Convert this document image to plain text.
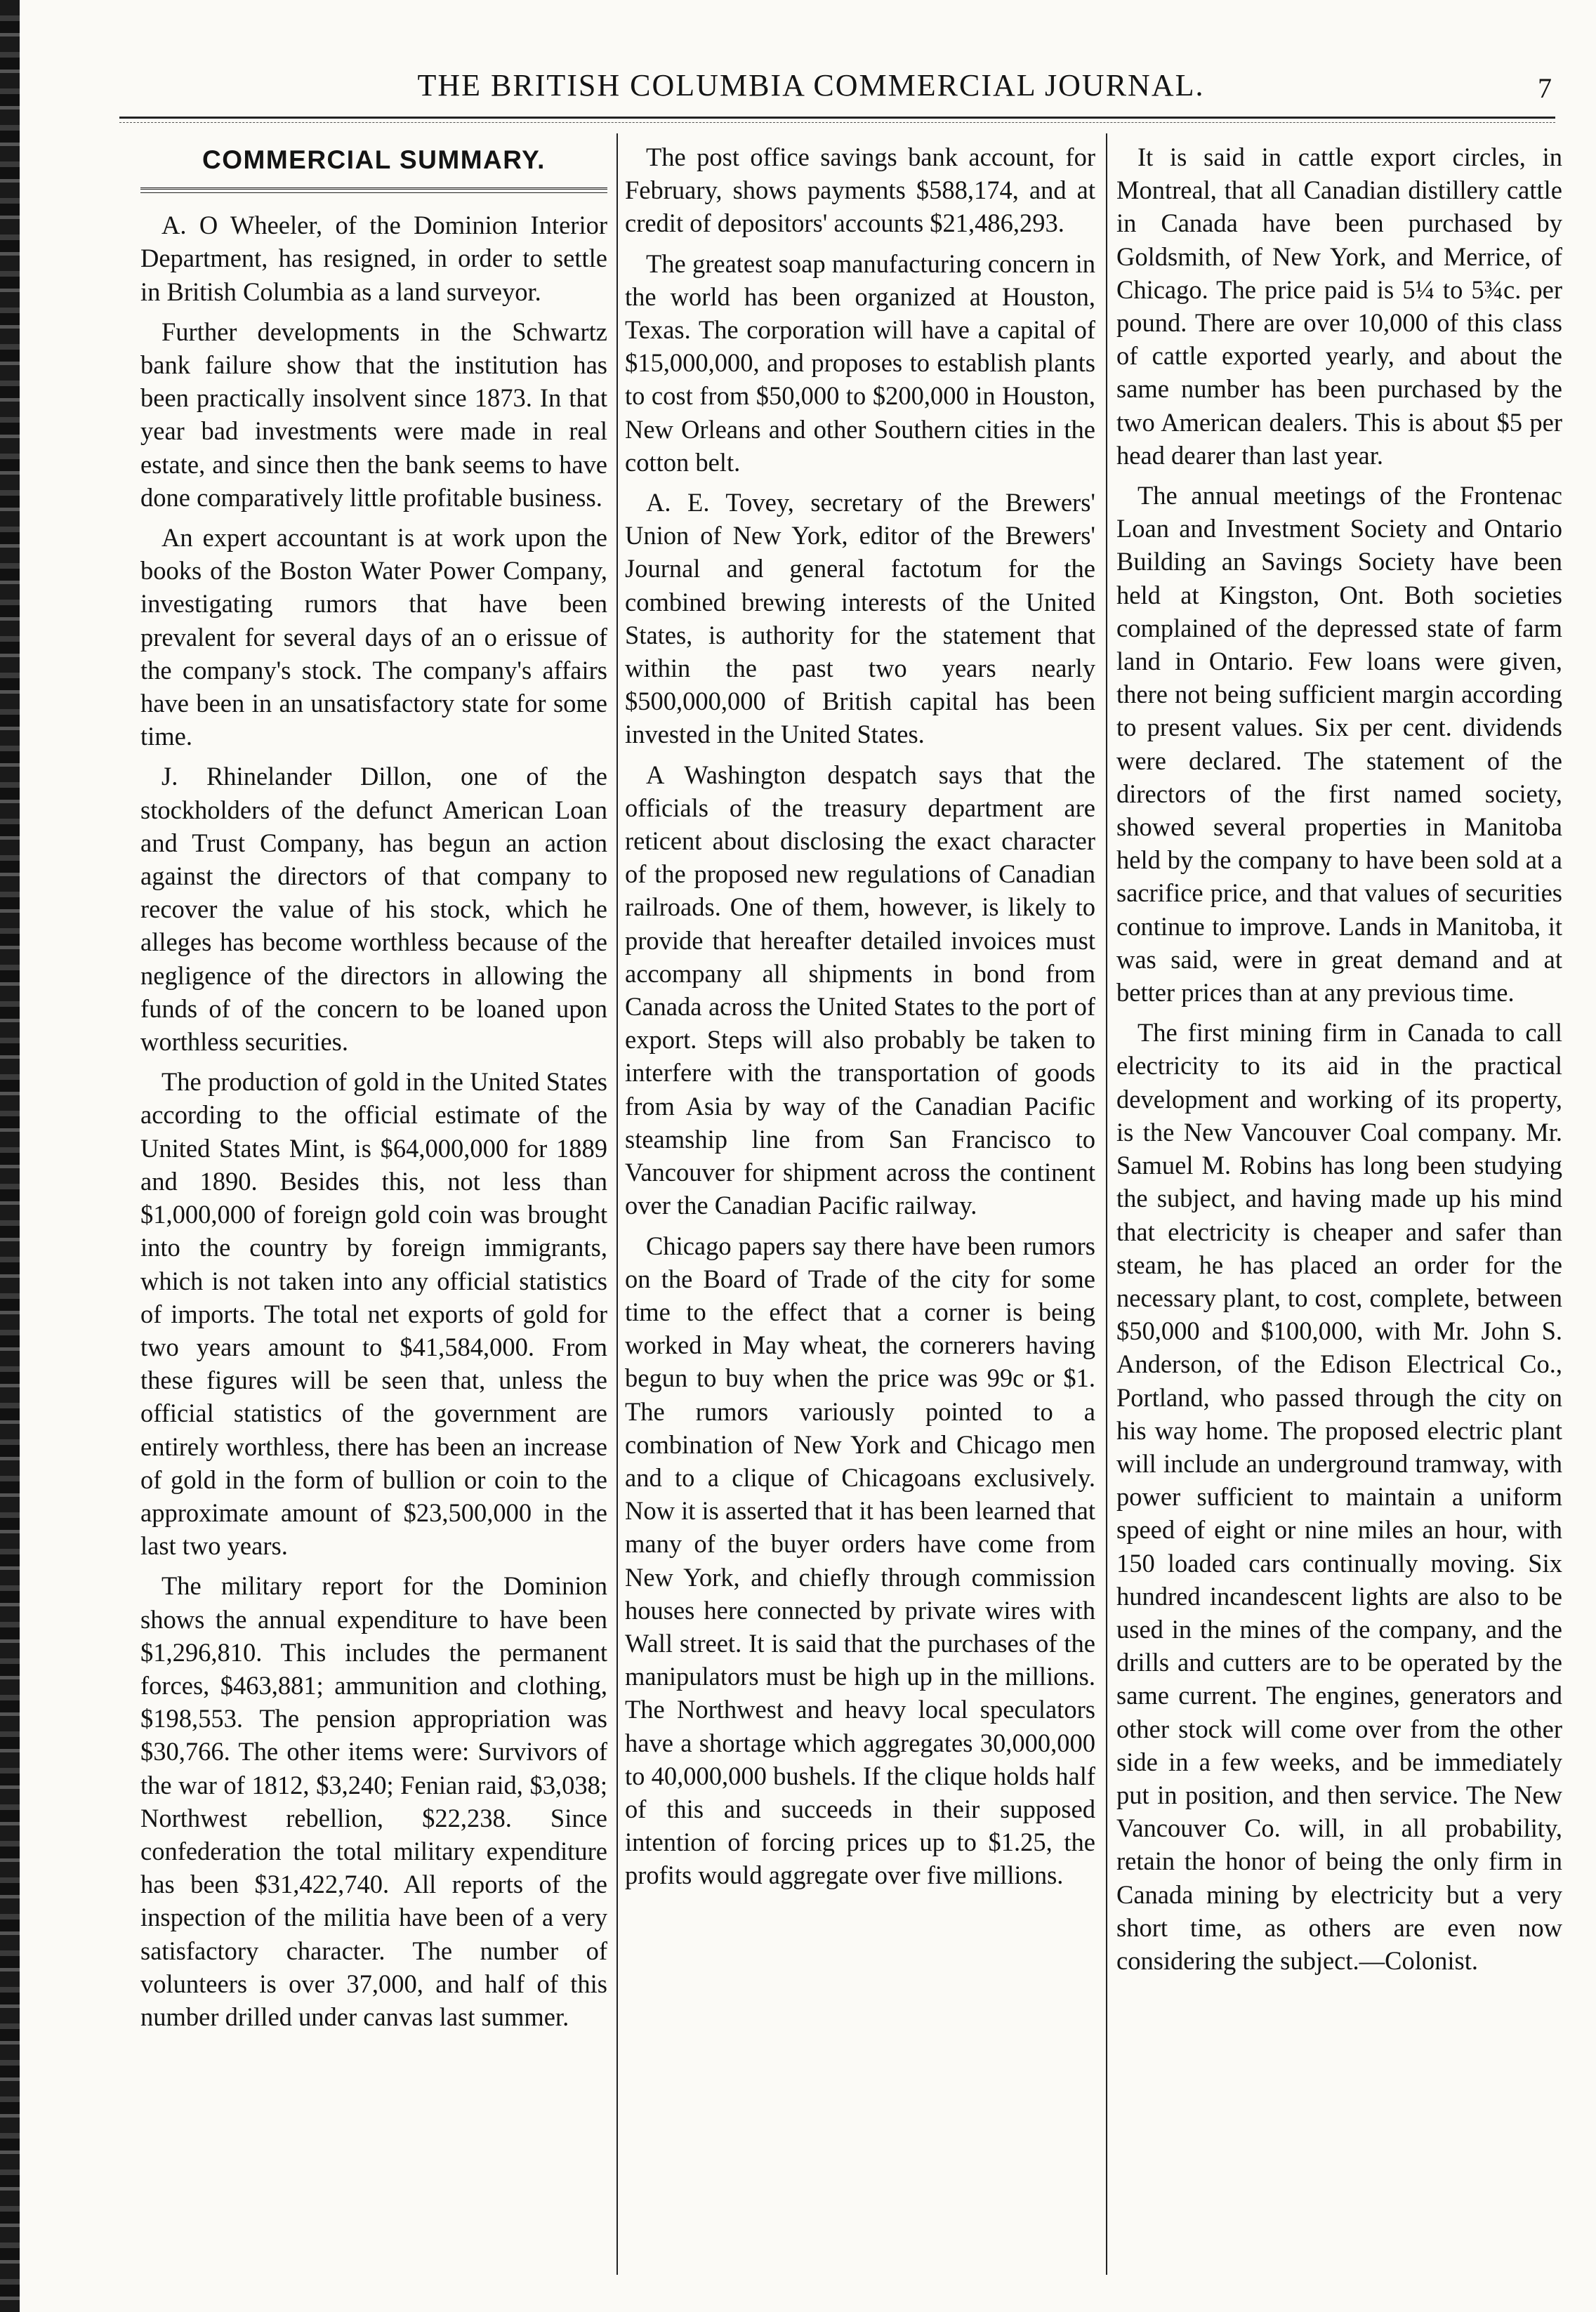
THE BRITISH COLUMBIA COMMERCIAL JOURNAL.	7
COMMERCIAL SUMMARY.

A. O Wheeler, of the Dominion Interior Department, has resigned, in order to settle in British Columbia as a land surveyor.

Further developments in the Schwartz bank failure show that the institution has been practically insolvent since 1873. In that year bad investments were made in real estate, and since then the bank seems to have done comparatively little profitable business.

An expert accountant is at work upon the books of the Boston Water Power Company, investigating rumors that have been prevalent for several days of an o erissue of the company's stock. The company's affairs have been in an unsatisfactory state for some time.

J. Rhinelander Dillon, one of the stockholders of the defunct American Loan and Trust Company, has begun an action against the directors of that company to recover the value of his stock, which he alleges has become worthless because of the negligence of the directors in allowing the funds of of the concern to be loaned upon worthless securities.

The production of gold in the United States according to the official estimate of the United States Mint, is $64,000,000 for 1889 and 1890. Besides this, not less than $1,000,000 of foreign gold coin was brought into the country by foreign immigrants, which is not taken into any official statistics of imports. The total net exports of gold for two years amount to $41,584,000. From these figures will be seen that, unless the official statistics of the government are entirely worthless, there has been an increase of gold in the form of bullion or coin to the approximate amount of $23,500,000 in the last two years.

The military report for the Dominion shows the annual expenditure to have been $1,296,810. This includes the permanent forces, $463,881; ammunition and clothing, $198,553. The pension appropriation was $30,766. The other items were: Survivors of the war of 1812, $3,240; Fenian raid, $3,038; Northwest rebellion, $22,238. Since confederation the total military expenditure has been $31,422,740. All reports of the inspection of the militia have been of a very satisfactory character. The number of volunteers is over 37,000, and half of this number drilled under canvas last summer.

The post office savings bank account, for February, shows payments $588,174, and at credit of depositors' accounts $21,486,293.

The greatest soap manufacturing concern in the world has been organized at Houston, Texas. The corporation will have a capital of $15,000,000, and proposes to establish plants to cost from $50,000 to $200,000 in Houston, New Orleans and other Southern cities in the cotton belt.

A. E. Tovey, secretary of the Brewers' Union of New York, editor of the Brewers' Journal and general factotum for the combined brewing interests of the United States, is authority for the statement that within the past two years nearly $500,000,000 of British capital has been invested in the United States.

A Washington despatch says that the officials of the treasury department are reticent about disclosing the exact character of the proposed new regulations of Canadian railroads. One of them, however, is likely to provide that hereafter detailed invoices must accompany all shipments in bond from Canada across the United States to the port of export. Steps will also probably be taken to interfere with the transportation of goods from Asia by way of the Canadian Pacific steamship line from San Francisco to Vancouver for shipment across the continent over the Canadian Pacific railway.

Chicago papers say there have been rumors on the Board of Trade of the city for some time to the effect that a corner is being worked in May wheat, the cornerers having begun to buy when the price was 99c or $1. The rumors variously pointed to a combination of New York and Chicago men and to a clique of Chicagoans exclusively. Now it is asserted that it has been learned that many of the buyer orders have come from New York, and chiefly through commission houses here connected by private wires with Wall street. It is said that the purchases of the manipulators must be high up in the millions. The Northwest and heavy local speculators have a shortage which aggregates 30,000,000 to 40,000,000 bushels. If the clique holds half of this and succeeds in their supposed intention of forcing prices up to $1.25, the profits would aggregate over five millions.

It is said in cattle export circles, in Montreal, that all Canadian distillery cattle in Canada have been purchased by Goldsmith, of New York, and Merrice, of Chicago. The price paid is 5¼ to 5¾c. per pound. There are over 10,000 of this class of cattle exported yearly, and about the same number has been purchased by the two American dealers. This is about $5 per head dearer than last year.

The annual meetings of the Frontenac Loan and Investment Society and Ontario Building an Savings Society have been held at Kingston, Ont. Both societies complained of the depressed state of farm land in Ontario. Few loans were given, there not being sufficient margin according to present values. Six per cent. dividends were declared. The statement of the directors of the first named society, showed several properties in Manitoba held by the company to have been sold at a sacrifice price, and that values of securities continue to improve. Lands in Manitoba, it was said, were in great demand and at better prices than at any previous time.

The first mining firm in Canada to call electricity to its aid in the practical development and working of its property, is the New Vancouver Coal company. Mr. Samuel M. Robins has long been studying the subject, and having made up his mind that electricity is cheaper and safer than steam, he has placed an order for the necessary plant, to cost, complete, between $50,000 and $100,000, with Mr. John S. Anderson, of the Edison Electrical Co., Portland, who passed through the city on his way home. The proposed electric plant will include an underground tramway, with power sufficient to maintain a uniform speed of eight or nine miles an hour, with 150 loaded cars continually moving. Six hundred incandescent lights are also to be used in the mines of the company, and the drills and cutters are to be operated by the same current. The engines, generators and other stock will come over from the other side in a few weeks, and be immediately put in position, and then service. The New Vancouver Co. will, in all probability, retain the honor of being the only firm in Canada mining by electricity but a very short time, as others are even now considering the subject.—Colonist.
